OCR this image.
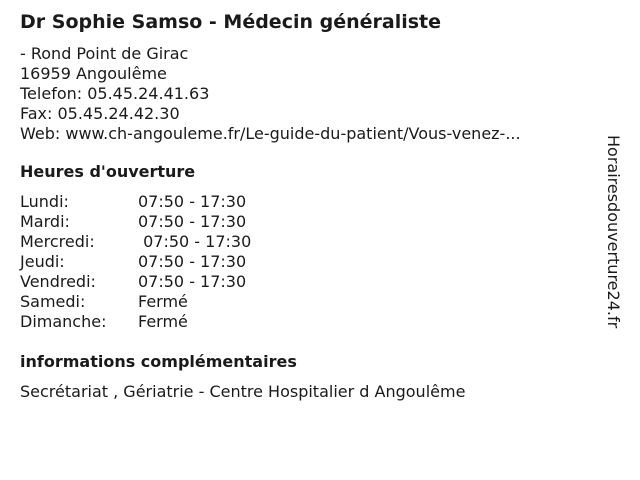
Dr Sophie Samso - Médecin généraliste
- Rond Point de Girac
16959 Angoulême
Telefon: 05.45.24.41.63
Fax: 05.45.24.42.30
Web: www.ch-angouleme.fr/Le-guide-du-patient/Vous-venez-...
Heures d'ouverture
Lundi:	07:50 - 17:30
Mardi:	07:50 - 17:30
Mercredi:	07:50 - 17:30
Jeudi:	07:50 - 17:30
Vendredi:	07:50 - 17:30
Samedi:	Fermé
Dimanche:	Fermé
informations complémentaires
Secrétariat , Gériatrie - Centre Hospitalier d Angoulême
Horairesdouverture24.fr
